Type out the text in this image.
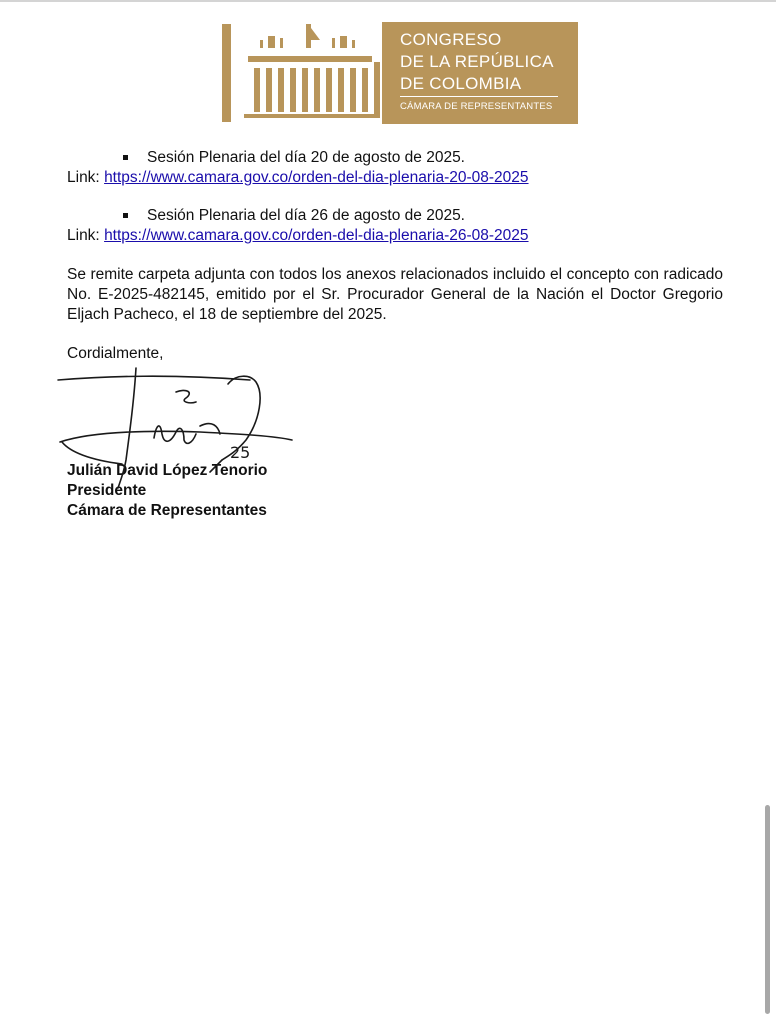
CONGRESO
DE LA REPÚBLICA
DE COLOMBIA
CÁMARA DE REPRESENTANTES
Sesión Plenaria del día 20 de agosto de 2025.
Link: https://www.camara.gov.co/orden-del-dia-plenaria-20-08-2025
Sesión Plenaria del día 26 de agosto de 2025.
Link: https://www.camara.gov.co/orden-del-dia-plenaria-26-08-2025
Se remite carpeta adjunta con todos los anexos relacionados incluido el concepto con radicado No. E-2025-482145, emitido por el Sr. Procurador General de la Nación el Doctor Gregorio Eljach Pacheco, el 18 de septiembre del 2025.
Cordialmente,
Julián David López Tenorio
Presidente
Cámara de Representantes
25
